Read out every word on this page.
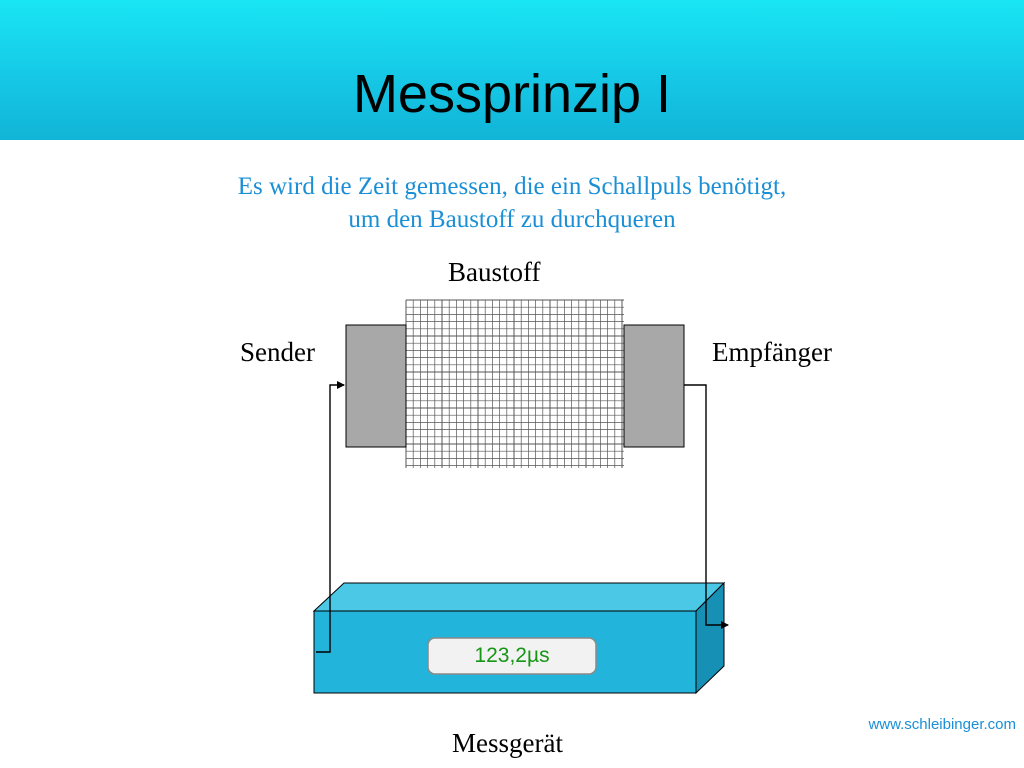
Messprinzip I
Es wird die Zeit gemessen, die ein Schallpuls benötigt,
um den Baustoff zu durchqueren
123,2µs
Baustoff
Sender	Empfänger
Messgerät
www.schleibinger.com
